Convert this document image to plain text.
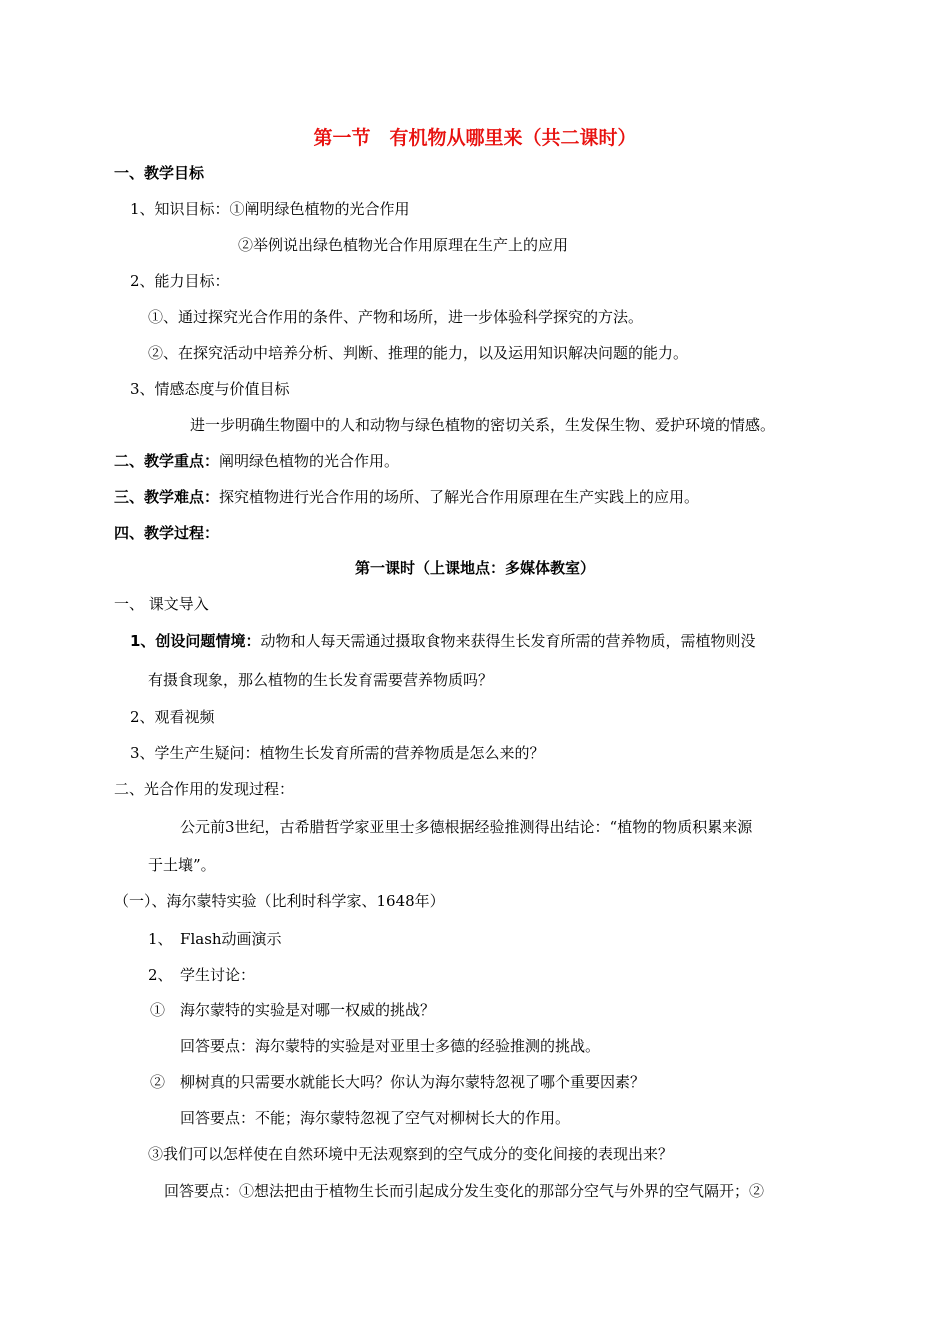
第一节　有机物从哪里来（共二课时）
一、教学目标
1、知识目标：①阐明绿色植物的光合作用
②举例说出绿色植物光合作用原理在生产上的应用
2、能力目标：
①、通过探究光合作用的条件、产物和场所，进一步体验科学探究的方法。
②、在探究活动中培养分析、判断、推理的能力，以及运用知识解决问题的能力。
3、情感态度与价值目标
进一步明确生物圈中的人和动物与绿色植物的密切关系，生发保生物、爱护环境的情感。
二、教学重点：阐明绿色植物的光合作用。
三、教学难点：探究植物进行光合作用的场所、了解光合作用原理在生产实践上的应用。
四、教学过程：
第一课时（上课地点：多媒体教室）
一、 课文导入
1、创设问题情境：动物和人每天需通过摄取食物来获得生长发育所需的营养物质，需植物则没
有摄食现象，那么植物的生长发育需要营养物质吗？
2、观看视频
3、学生产生疑问：植物生长发育所需的营养物质是怎么来的？
二、光合作用的发现过程：
公元前3世纪，古希腊哲学家亚里士多德根据经验推测得出结论：“植物的物质积累来源
于土壤”。
（一）、海尔蒙特实验（比利时科学家、1648年）
1、　Flash动画演示
2、　学生讨论：
①　海尔蒙特的实验是对哪一权威的挑战？
回答要点：海尔蒙特的实验是对亚里士多德的经验推测的挑战。
②　柳树真的只需要水就能长大吗？你认为海尔蒙特忽视了哪个重要因素？
回答要点：不能；海尔蒙特忽视了空气对柳树长大的作用。
③我们可以怎样使在自然环境中无法观察到的空气成分的变化间接的表现出来？
回答要点：①想法把由于植物生长而引起成分发生变化的那部分空气与外界的空气隔开；②
